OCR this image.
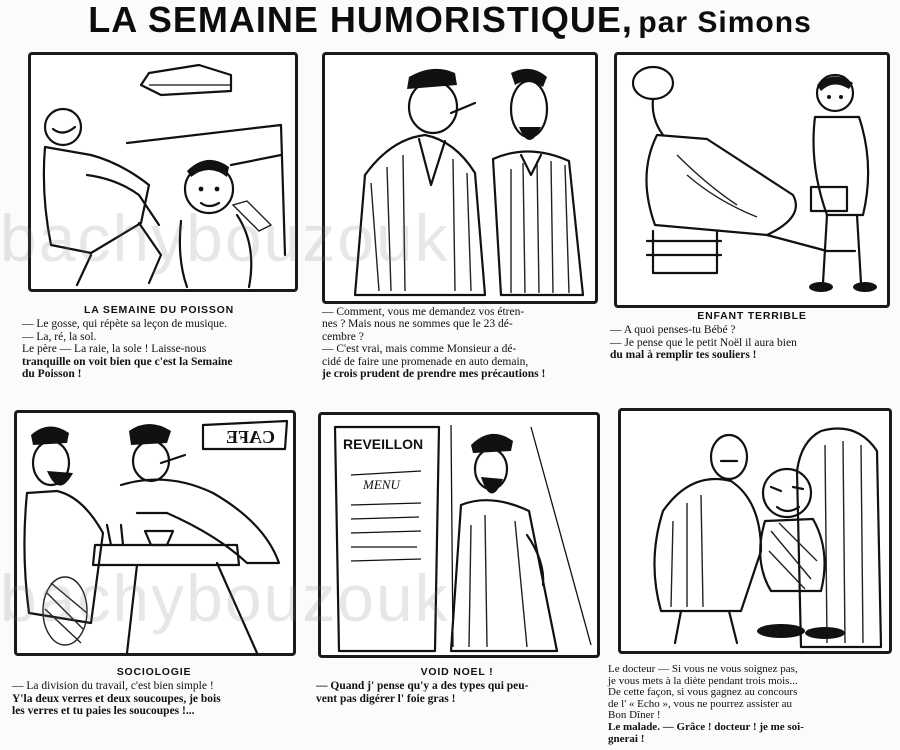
LA SEMAINE HUMORISTIQUE, par Simons
CAFE	REVEILLON
MENU
LA SEMAINE DU POISSON
— Le gosse, qui répète sa leçon de musique.
— La, ré, la sol.
Le père — La raie, la sole ! Laisse-nous
tranquille on voit bien que c'est la Semaine
du Poisson !
— Comment, vous me demandez vos étren-
nes ? Mais nous ne sommes que le 23 dé-
cembre ?
— C'est vrai, mais comme Monsieur a dé-
cidé de faire une promenade en auto demain,
je crois prudent de prendre mes précautions !
ENFANT TERRIBLE
— A quoi penses-tu Bébé ?
— Je pense que le petit Noël il aura bien
du mal à remplir tes souliers !
SOCIOLOGIE
— La division du travail, c'est bien simple !
Y'la deux verres et deux soucoupes, je bois
les verres et tu paies les soucoupes !...
VOID NOEL !
— Quand j' pense qu'y a des types qui peu-
vent pas digérer l' foie gras !
Le docteur — Si vous ne vous soignez pas,
je vous mets à la diète pendant trois mois...
De cette façon, si vous gagnez au concours
de l' « Echo », vous ne pourrez assister au
Bon Dîner !
Le malade. — Grâce ! docteur ! je me soi-
gnerai !
